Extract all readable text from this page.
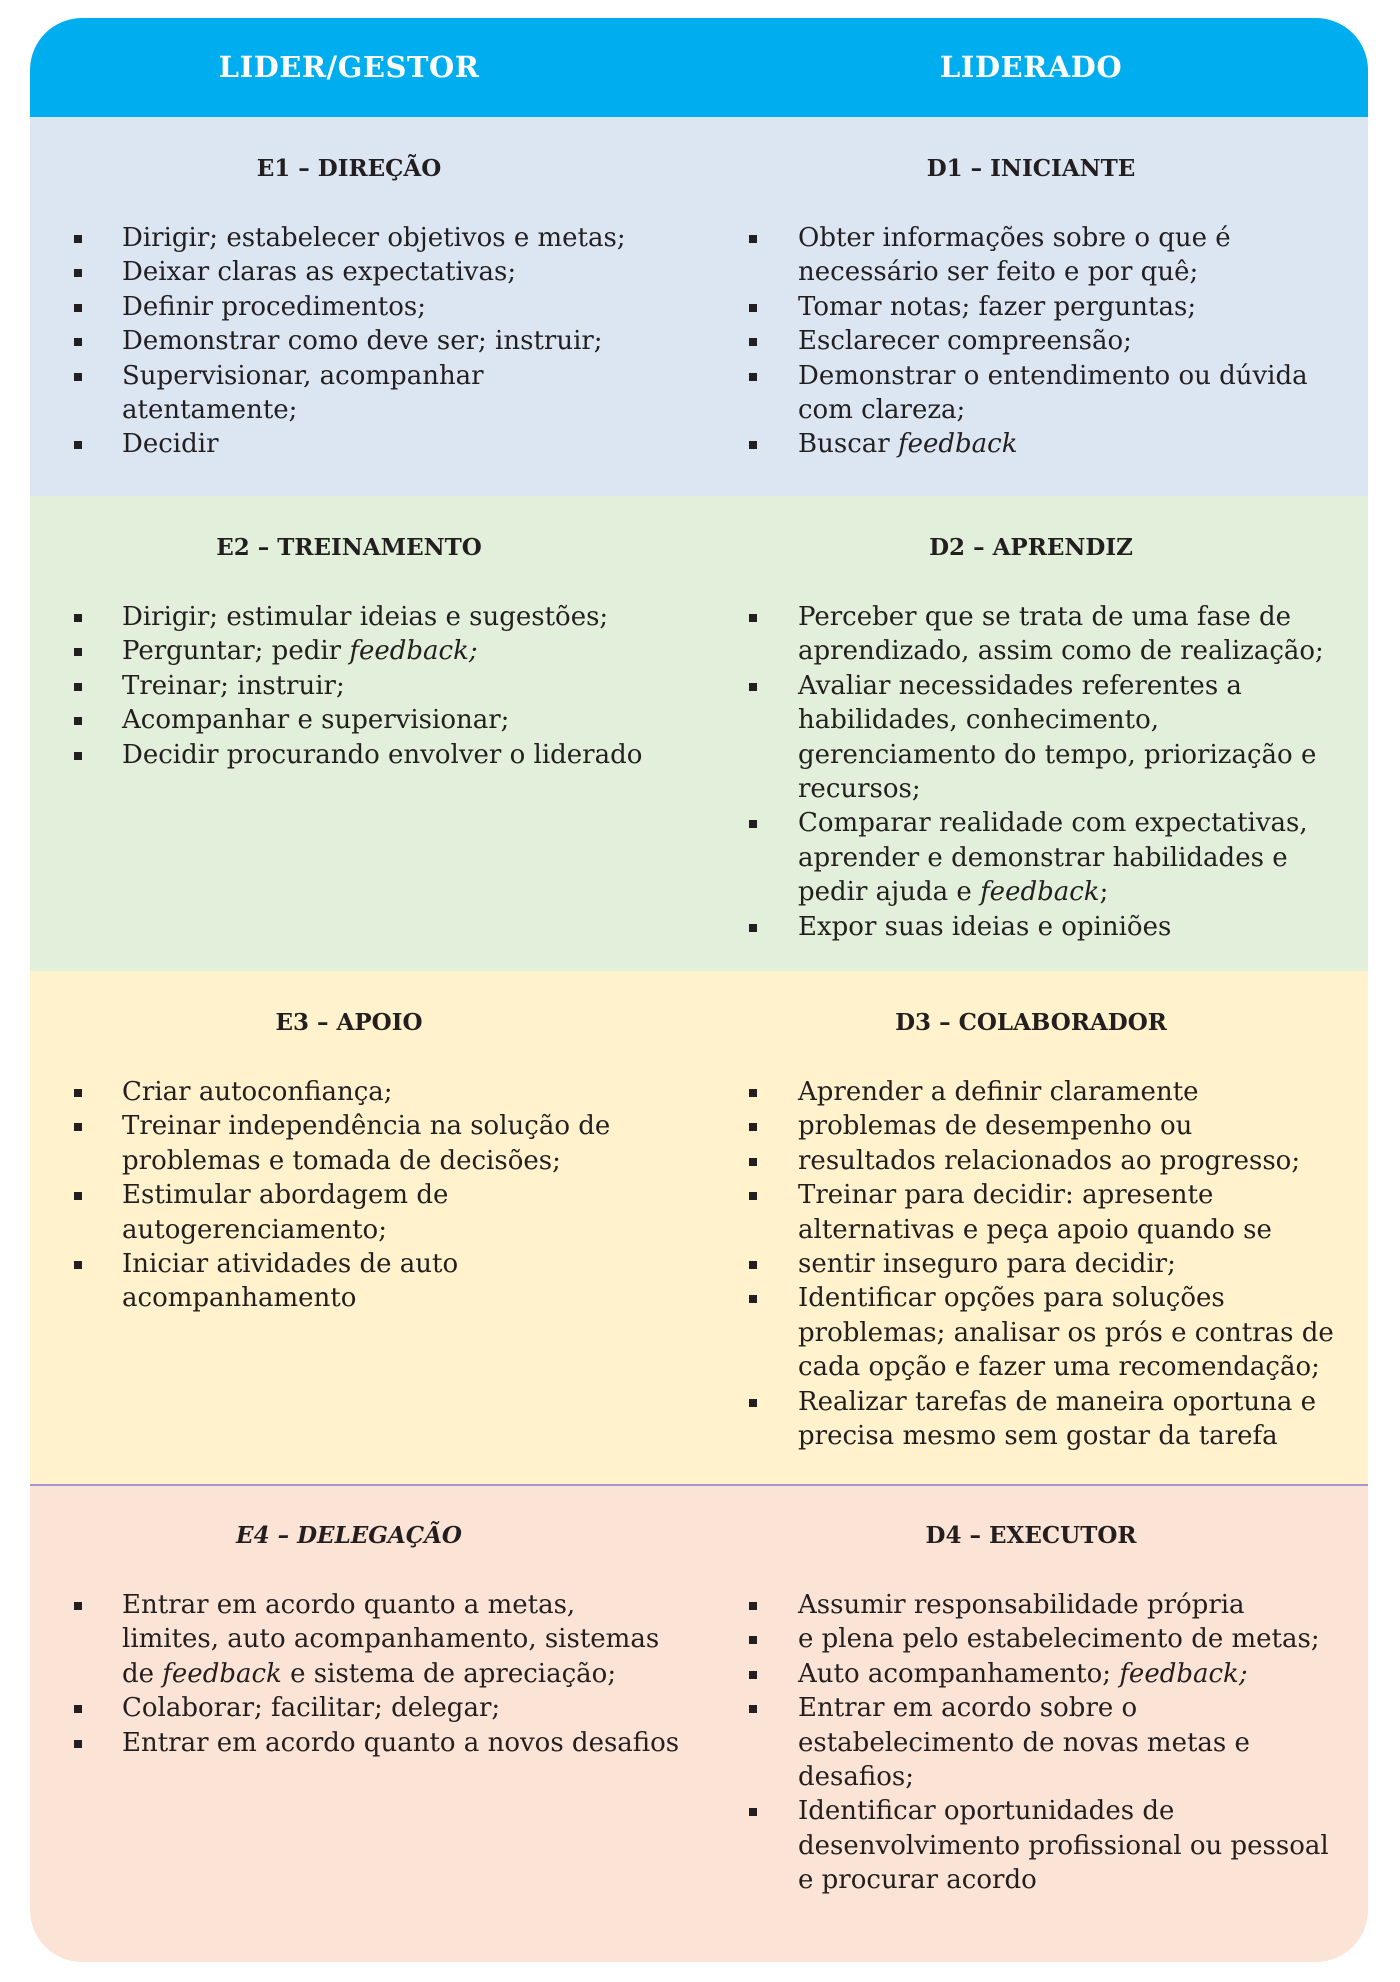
LIDER/GESTOR	LIDERADO
E1 – DIREÇÃO
Dirigir; estabelecer objetivos e metas;
Deixar claras as expectativas;
Definir procedimentos;
Demonstrar como deve ser; instruir;
Supervisionar, acompanhar
atentamente;
Decidir
D1 – INICIANTE
Obter informações sobre o que é
necessário ser feito e por quê;
Tomar notas; fazer perguntas;
Esclarecer compreensão;
Demonstrar o entendimento ou dúvida
com clareza;
Buscar feedback
E2 – TREINAMENTO
Dirigir; estimular ideias e sugestões;
Perguntar; pedir feedback;
Treinar; instruir;
Acompanhar e supervisionar;
Decidir procurando envolver o liderado
D2 – APRENDIZ
Perceber que se trata de uma fase de
aprendizado, assim como de realização;
Avaliar necessidades referentes a
habilidades, conhecimento,
gerenciamento do tempo, priorização e
recursos;
Comparar realidade com expectativas,
aprender e demonstrar habilidades e
pedir ajuda e feedback;
Expor suas ideias e opiniões
E3 – APOIO
Criar autoconfiança;
Treinar independência na solução de
problemas e tomada de decisões;
Estimular abordagem de
autogerenciamento;
Iniciar atividades de auto
acompanhamento
D3 – COLABORADOR
Aprender a definir claramente
problemas de desempenho ou
resultados relacionados ao progresso;
Treinar para decidir: apresente
alternativas e peça apoio quando se
sentir inseguro para decidir;
Identificar opções para soluções
problemas; analisar os prós e contras de
cada opção e fazer uma recomendação;
Realizar tarefas de maneira oportuna e
precisa mesmo sem gostar da tarefa
E4 – DELEGAÇÃO
Entrar em acordo quanto a metas,
limites, auto acompanhamento, sistemas
de feedback e sistema de apreciação;
Colaborar; facilitar; delegar;
Entrar em acordo quanto a novos desafios
D4 – EXECUTOR
Assumir responsabilidade própria
e plena pelo estabelecimento de metas;
Auto acompanhamento; feedback;
Entrar em acordo sobre o
estabelecimento de novas metas e
desafios;
Identificar oportunidades de
desenvolvimento profissional ou pessoal
e procurar acordo
